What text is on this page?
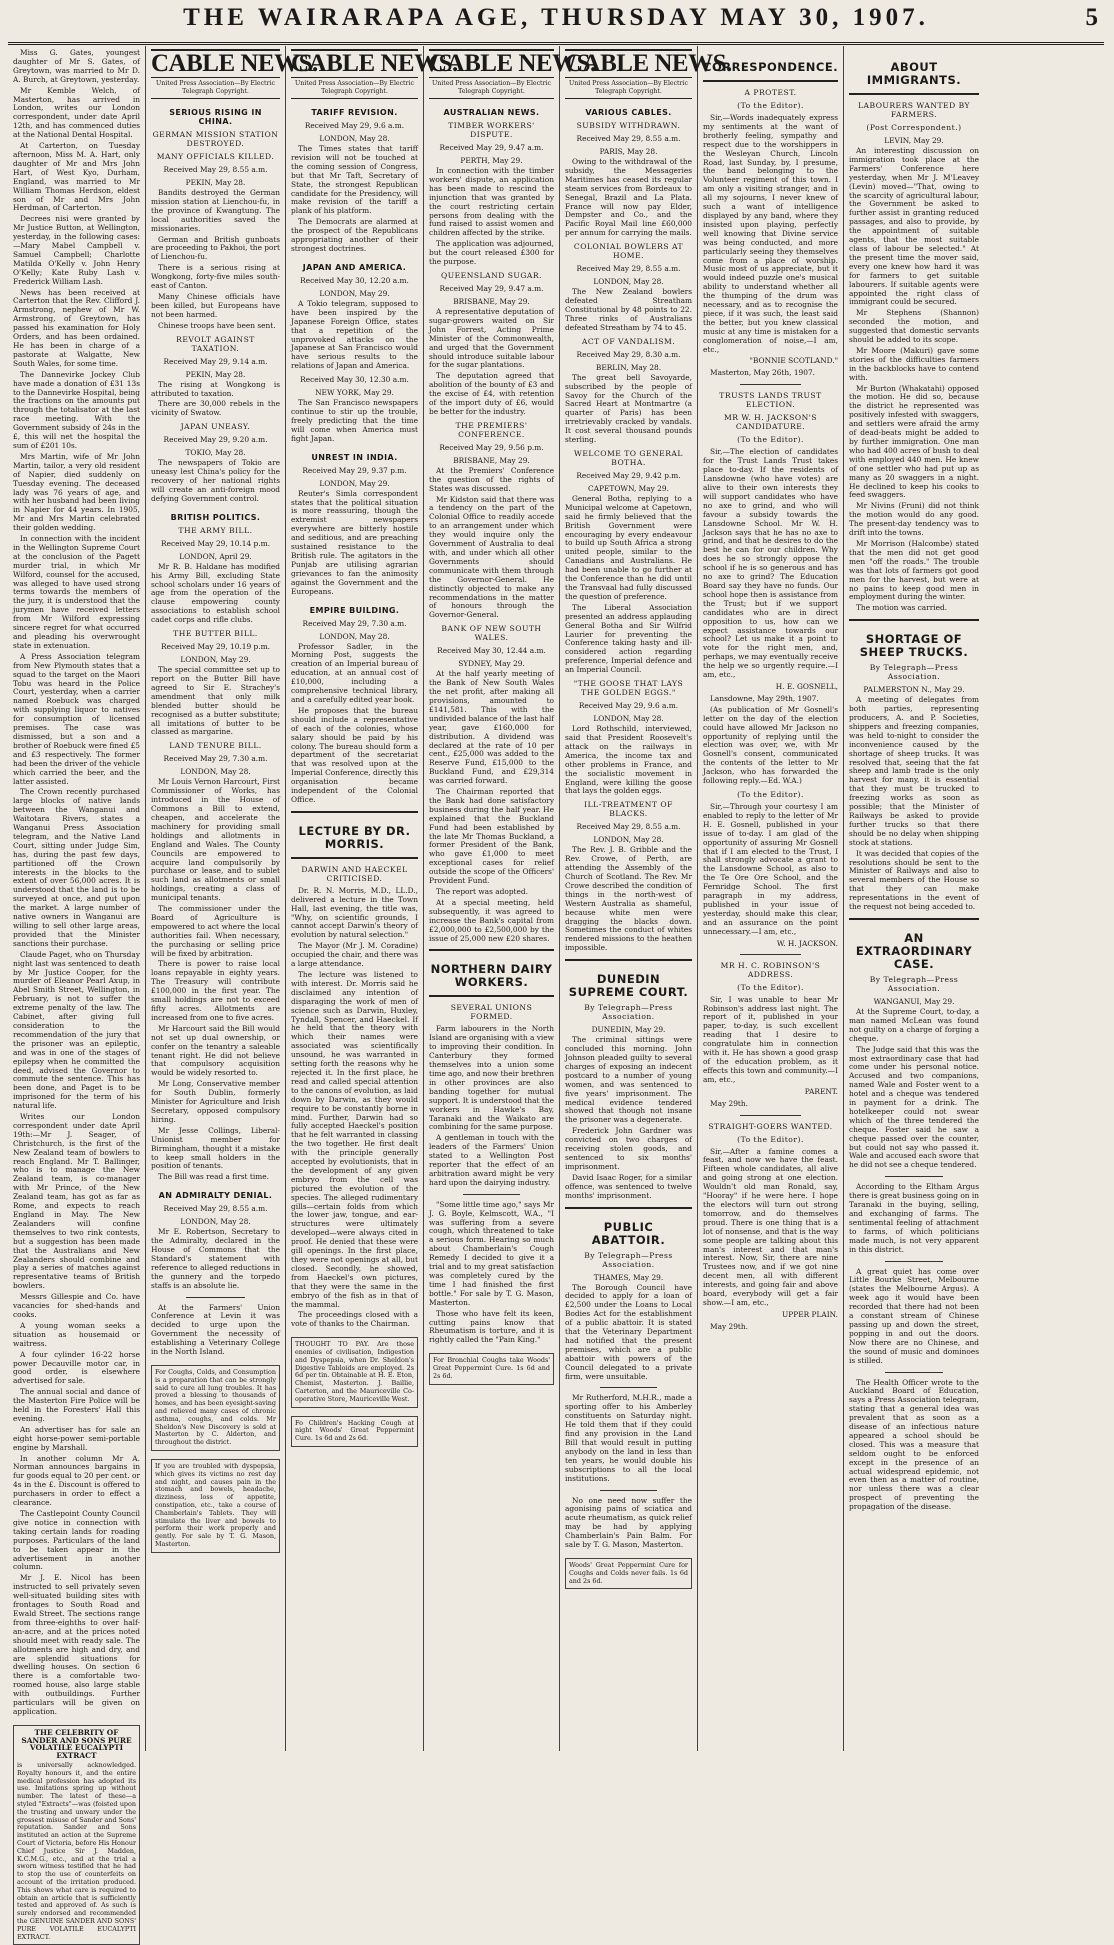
THE WAIRARAPA AGE, THURSDAY MAY 30, 1907.	5

Miss G. Gates, youngest daughter of Mr S. Gates, of Greytown, was married to Mr D. A. Burch, at Greytown, yesterday.

Mr Kemble Welch, of Masterton, has arrived in London, writes our London correspondent, under date April 12th, and has commenced duties at the National Dental Hospital.

At Carterton, on Tuesday afternoon, Miss M. A. Hart, only daughter of Mr and Mrs John Hart, of West Kyo, Durham, England, was married to Mr William Thomas Herdson, eldest son of Mr and Mrs John Herdman, of Carterton.

Decrees nisi were granted by Mr Justice Button, at Wellington, yesterday, in the following cases:—Mary Mabel Campbell v. Samuel Campbell; Charlotte Matilda O'Kelly v. John Henry O'Kelly; Kate Ruby Lash v. Frederick William Lash.

News has been received at Carterton that the Rev. Clifford J. Armstrong, nephew of Mr W. Armstrong, of Greytown, has passed his examination for Holy Orders, and has been ordained. He has been in charge of a pastorate at Walgatte, New South Wales, for some time.

The Dannevirke Jockey Club have made a donation of £31 13s to the Dannevirke Hospital, being the fractions on the amounts put through the totalisator at the last race meeting. With the Government subsidy of 24s in the £, this will net the hospital the sum of £201 10s.

Mrs Martin, wife of Mr John Martin, tailor, a very old resident of Napier, died suddenly on Tuesday evening. The deceased lady was 76 years of age, and with her husband had been living in Napier for 44 years. In 1905, Mr and Mrs Martin celebrated their golden wedding.

In connection with the incident in the Wellington Supreme Court at the conclusion of the Pagett murder trial, in which Mr Wilford, counsel for the accused, was alleged to have used strong terms towards the members of the jury, it is understood that the jurymen have received letters from Mr Wilford expressing sincere regret for what occurred and pleading his overwrought state in extenuation.

A Press Association telegram from New Plymouth states that a squad to the target on the Maori Tobu was heard in the Police Court, yesterday, when a carrier named Roebuck was charged with supplying liquor to natives for consumption of licensed premises. The case was dismissed, but a son and a brother of Roebuck were fined £5 and £3 respectively. The former had been the driver of the vehicle which carried the beer, and the latter assisted.

The Crown recently purchased large blocks of native lands between the Wanganui and Waitotara Rivers, states a Wanganui Press Association telegram, and the Native Land Court, sitting under Judge Sim, has, during the past few days, partitioned off the Crown interests in the blocks to the extent of over 56,000 acres. It is understood that the land is to be surveyed at once, and put upon the market. A large number of native owners in Wanganui are willing to sell other large areas, provided that the Minister sanctions their purchase.

Claude Paget, who on Thursday night last was sentenced to death by Mr Justice Cooper, for the murder of Eleanor Pearl Axup, in Abel Smith Street, Wellington, in February, is not to suffer the extreme penalty of the law. The Cabinet, after giving full consideration to the recommendation of the jury that the prisoner was an epileptic, and was in one of the stages of epilepsy when he committed the deed, advised the Governor to commute the sentence. This has been done, and Paget is to be imprisoned for the term of his natural life.

Writes our London correspondent under date April 19th:—Mr J. Seager, of Christchurch, is the first of the New Zealand team of bowlers to reach England. Mr T. Ballinger, who is to manage the New Zealand team, is co-manager with Mr Prince, of the New Zealand team, has got as far as Rome, and expects to reach England in May. The New Zealanders will confine themselves to two rink contests, but a suggestion has been made that the Australians and New Zealanders should combine and play a series of matches against representative teams of British bowlers.

Messrs Gillespie and Co. have vacancies for shed-hands and cooks.

A young woman seeks a situation as housemaid or waitress.

A four cylinder 16-22 horse power Decauville motor car, in good order, is elsewhere advertised for sale.

The annual social and dance of the Masterton Fire Police will be held in the Foresters' Hall this evening.

An advertiser has for sale an eight horse-power semi-portable engine by Marshall.

In another column Mr A. Norman announces bargains in fur goods equal to 20 per cent. or 4s in the £. Discount is offered to purchasers in order to effect a clearance.

The Castlepoint County Council give notice in connection with taking certain lands for roading purposes. Particulars of the land to be taken appear in the advertisement in another column.

Mr J. E. Nicol has been instructed to sell privately seven well-situated building sites with frontages to South Road and Ewald Street. The sections range from three-eighths to over half-an-acre, and at the prices noted should meet with ready sale. The allotments are high and dry, and are splendid situations for dwelling houses. On section 6 there is a comfortable two-roomed house, also large stable with outbuildings. Further particulars will be given on application.

THE CELEBRITY OF SANDER AND SONS PURE VOLATILE EUCALYPTI EXTRACT
is universally acknowledged. Royalty honours it, and the entire medical profession has adopted its use. Imitations spring up without number. The latest of these—a styled "Extracts"—was (foisted upon the trusting and unwary under the grossest misuse of Sander and Sons' reputation. Sander and Sons instituted an action at the Supreme Court of Victoria, before His Honour Chief Justice Sir J. Madden, K.C.M.G., etc., and at the trial a sworn witness testified that he had to stop the use of counterfeits on account of the irritation produced. This shows what care is required to obtain an article that is sufficiently tested and approved of. As such is surely endorsed and recommended the GENUINE SANDER AND SONS' PURE VOLATILE EUCALYPTI EXTRACT.
CABLE NEWS.
United Press Association—By Electric Telegraph Copyright.
SERIOUS RISING IN CHINA.
GERMAN MISSION STATION DESTROYED.
MANY OFFICIALS KILLED.
Received May 29, 8.55 a.m.
PEKIN, May 28.

Bandits destroyed the German mission station at Lienchou-fu, in the province of Kwangtung. The local authorities saved the missionaries.

German and British gunboats are proceeding to Pakhoi, the port of Lienchou-fu.

There is a serious rising at Wongkong, forty-five miles south-east of Canton.

Many Chinese officials have been killed, but Europeans have not been harmed.

Chinese troops have been sent.

REVOLT AGAINST TAXATION.
Received May 29, 9.14 a.m.
PEKIN, May 28.

The rising at Wongkong is attributed to taxation.

There are 30,000 rebels in the vicinity of Swatow.

JAPAN UNEASY.
Received May 29, 9.20 a.m.
TOKIO, May 28.

The newspapers of Tokio are uneasy lest China's policy for the recovery of her national rights will create an anti-foreign mood defying Government control.

BRITISH POLITICS.
THE ARMY BILL.
Received May 29, 10.14 p.m.
LONDON, April 29.

Mr R. B. Haldane has modified his Army Bill, excluding State school scholars under 16 years of age from the operation of the clause empowering county associations to establish school cadet corps and rifle clubs.

THE BUTTER BILL.
Received May 29, 10.19 p.m.
LONDON, May 29.

The special committee set up to report on the Butter Bill have agreed to Sir E. Strachey's amendment that only milk blended butter should be recognised as a butter substitute; all imitations of butter to be classed as margarine.

LAND TENURE BILL.
Received May 29, 7.30 a.m.
LONDON, May 28.

Mr Louis Vernon Harcourt, First Commissioner of Works, has introduced in the House of Commons a Bill to extend, cheapen, and accelerate the machinery for providing small holdings and allotments in England and Wales. The County Councils are empowered to acquire land compulsorily by purchase or lease, and to sublet such land as allotments or small holdings, creating a class of municipal tenants.

The commissioner under the Board of Agriculture is empowered to act where the local authorities fail. When necessary, the purchasing or selling price will be fixed by arbitration.

There is power to raise local loans repayable in eighty years. The Treasury will contribute £100,000 in the first year. The small holdings are not to exceed fifty acres. Allotments are increased from one to five acres.

Mr Harcourt said the Bill would not set up dual ownership, or confer on the tenantry a saleable tenant right. He did not believe that compulsory acquisition would be widely resorted to.

Mr Long, Conservative member for South Dublin, formerly Minister for Agriculture and Irish Secretary, opposed compulsory hiring.

Mr Jesse Collings, Liberal-Unionist member for Birmingham, thought it a mistake to keep small holders in the position of tenants.

The Bill was read a first time.

AN ADMIRALTY DENIAL.
Received May 29, 8.55 a.m.
LONDON, May 28.

Mr E. Robertson, Secretary to the Admiralty, declared in the House of Commons that the Standard's statement with reference to alleged reductions in the gunnery and the torpedo staffs is an absolute lie.

At the Farmers' Union Conference at Levin it was decided to urge upon the Government the necessity of establishing a Veterinary College in the North Island.

For Coughs, Colds, and Consumption is a preparation that can be strongly said to cure all lung troubles. It has proved a blessing to thousands of homes, and has been eyesight-saving and relieved many cases of chronic asthma, coughs, and colds. Mr Sheldon's New Discovery is sold at Masterton by C. Alderton, and throughout the district.
If you are troubled with dyspepsia, which gives its victims no rest day and night, and causes pain in the stomach and bowels, headache, dizziness, loss of appetite, constipation, etc., take a course of Chamberlain's Tablets. They will stimulate the liver and bowels to perform their work properly and gently. For sale by T. G. Mason, Masterton.
CABLE NEWS.
United Press Association—By Electric Telegraph Copyright.
TARIFF REVISION.
Received May 29, 9.6 a.m.
LONDON, May 28.

The Times states that tariff revision will not be touched at the coming session of Congress, but that Mr Taft, Secretary of State, the strongest Republican candidate for the Presidency, will make revision of the tariff a plank of his platform.

The Democrats are alarmed at the prospect of the Republicans appropriating another of their strongest doctrines.

JAPAN AND AMERICA.
Received May 30, 12.20 a.m.
LONDON, May 29.

A Tokio telegram, supposed to have been inspired by the Japanese Foreign Office, states that a repetition of the unprovoked attacks on the Japanese at San Francisco would have serious results to the relations of Japan and America.

Received May 30, 12.30 a.m.
NEW YORK, May 29.

The San Francisco newspapers continue to stir up the trouble, freely predicting that the time will come when America must fight Japan.

UNREST IN INDIA.
Received May 29, 9.37 p.m.
LONDON, May 29.

Reuter's Simla correspondent states that the political situation is more reassuring, though the extremist newspapers everywhere are bitterly hostile and seditious, and are preaching sustained resistance to the British rule. The agitators in the Punjab are utilising agrarian grievances to fan the animosity against the Government and the Europeans.

EMPIRE BUILDING.
Received May 29, 7.30 a.m.
LONDON, May 28.

Professor Sadler, in the Morning Post, suggests the creation of an Imperial bureau of education, at an annual cost of £10,000, including a comprehensive technical library, and a carefully edited year book.

He proposes that the bureau should include a representative of each of the colonies, whose salary should be paid by his colony. The bureau should form a department of the secretariat that was resolved upon at the Imperial Conference, directly this organisation became independent of the Colonial Office.

LECTURE BY DR. MORRIS.
DARWIN AND HAECKEL CRITICISED.

Dr. R. N. Morris, M.D., LL.D., delivered a lecture in the Town Hall, last evening, the title was, "Why, on scientific grounds, I cannot accept Darwin's theory of evolution by natural selection."

The Mayor (Mr J. M. Coradine) occupied the chair, and there was a large attendance.

The lecture was listened to with interest. Dr. Morris said he disclaimed any intention of disparaging the work of men of science such as Darwin, Huxley, Tyndall, Spencer, and Haeckel. If he held that the theory with which their names were associated was scientifically unsound, he was warranted in setting forth the reasons why he rejected it. In the first place, he read and called special attention to the canons of evolution, as laid down by Darwin, as they would require to be constantly borne in mind. Further, Darwin had so fully accepted Haeckel's position that he felt warranted in classing the two together. He first dealt with the principle generally accepted by evolutionists, that in the development of any given embryo from the cell was pictured the evolution of the species. The alleged rudimentary gills—certain folds from which the lower jaw, tongue, and ear-structures were ultimately developed—were always cited in proof. He denied that these were gill openings. In the first place, they were not openings at all, but closed. Secondly, he showed, from Haeckel's own pictures, that they were the same in the embryo of the fish as in that of the mammal.

The proceedings closed with a vote of thanks to the Chairman.

THOUGHT TO PAY. Are those enemies of civilisation, Indigestion and Dyspepsia, when Dr. Sheldon's Digestive Tabloids are employed. 2s 6d per tin. Obtainable at H. E. Eton, Chemist, Masterton. J. Baillie, Carterton, and the Mauriceville Co-operative Store, Mauriceville West.
Fo Children's Hacking Cough at night Woods' Great Peppermint Cure. 1s 6d and 2s 6d.
CABLE NEWS.
United Press Association—By Electric Telegraph Copyright.
AUSTRALIAN NEWS.
TIMBER WORKERS' DISPUTE.
Received May 29, 9.47 a.m.
PERTH, May 29.

In connection with the timber workers' dispute, an application has been made to rescind the injunction that was granted by the court restricting certain persons from dealing with the fund raised to assist women and children affected by the strike.

The application was adjourned, but the court released £300 for the purpose.

QUEENSLAND SUGAR.
Received May 29, 9.47 a.m.
BRISBANE, May 29.

A representative deputation of sugar-growers waited on Sir John Forrest, Acting Prime Minister of the Commonwealth, and urged that the Government should introduce suitable labour for the sugar plantations.

The deputation agreed that abolition of the bounty of £3 and the excise of £4, with retention of the import duty of £6, would be better for the industry.

THE PREMIERS' CONFERENCE.
Received May 29, 9.56 p.m.
BRISBANE, May 29.

At the Premiers' Conference the question of the rights of States was discussed.

Mr Kidston said that there was a tendency on the part of the Colonial Office to readily accede to an arrangement under which they would inquire only the Government of Australia to deal with, and under which all other Governments should communicate with them through the Governor-General. He distinctly objected to make any recommendations in the matter of honours through the Governor-General.

BANK OF NEW SOUTH WALES.
Received May 30, 12.44 a.m.
SYDNEY, May 29.

At the half yearly meeting of the Bank of New South Wales the net profit, after making all provisions, amounted to £141,581. This with the undivided balance of the last half year, gave £160,000 for distribution. A dividend was declared at the rate of 10 per cent., £25,000 was added to the Reserve Fund, £15,000 to the Buckland Fund, and £29,314 was carried forward.

The Chairman reported that the Bank had done satisfactory business during the half year. He explained that the Buckland Fund had been established by the late Mr Thomas Buckland, a former President of the Bank, who gave £1,000 to meet exceptional cases for relief outside the scope of the Officers' Provident Fund.

The report was adopted.

At a special meeting, held subsequently, it was agreed to increase the Bank's capital from £2,000,000 to £2,500,000 by the issue of 25,000 new £20 shares.

NORTHERN DAIRY WORKERS.
SEVERAL UNIONS FORMED.

Farm labourers in the North Island are organising with a view to improving their condition. In Canterbury they formed themselves into a union some time ago, and now their brethren in other provinces are also banding together for mutual support. It is understood that the workers in Hawke's Bay, Taranaki and the Waikato are combining for the same purpose.

A gentleman in touch with the leaders of the Farmers' Union stated to a Wellington Post reporter that the effect of an arbitration award might be very hard upon the dairying industry.

"Some little time ago," says Mr J. G. Boyle, Kelmscott, W.A., "I was suffering from a severe cough, which threatened to take a serious form. Hearing so much about Chamberlain's Cough Remedy I decided to give it a trial and to my great satisfaction was completely cured by the time I had finished the first bottle." For sale by T. G. Mason, Masterton.

Those who have felt its keen, cutting pains know that Rheumatism is torture, and it is rightly called the "Pain King."

For Bronchial Coughs take Woods' Great Peppermint Cure. 1s 6d and 2s 6d.
CABLE NEWS.
United Press Association—By Electric Telegraph Copyright.
VARIOUS CABLES.
SUBSIDY WITHDRAWN.
Received May 29, 8.55 a.m.
PARIS, May 28.

Owing to the withdrawal of the subsidy, the Messageries Maritimes has ceased its regular steam services from Bordeaux to Senegal, Brazil and La Plata. France will now pay Elder, Dempster and Co., and the Pacific Royal Mail line £60,000 per annum for carrying the mails.

COLONIAL BOWLERS AT HOME.
Received May 29, 8.55 a.m.
LONDON, May 28.

The New Zealand bowlers defeated Streatham Constitutional by 48 points to 22. Three rinks of Australians defeated Streatham by 74 to 45.

ACT OF VANDALISM.
Received May 29, 8.30 a.m.
BERLIN, May 28.

The great bell Savoyarde, subscribed by the people of Savoy for the Church of the Sacred Heart at Montmartre (a quarter of Paris) has been irretrievably cracked by vandals. It cost several thousand pounds sterling.

WELCOME TO GENERAL BOTHA.
Received May 29, 9.42 p.m.
CAPETOWN, May 29.

General Botha, replying to a Municipal welcome at Capetown, said he firmly believed that the British Government were encouraging by every endeavour to build up South Africa a strong united people, similar to the Canadians and Australians. He had been unable to go further at the Conference than he did until the Transvaal had fully discussed the question of preference.

The Liberal Association presented an address applauding General Botha and Sir Wilfrid Laurier for preventing the Conference taking hasty and ill-considered action regarding preference, Imperial defence and an Imperial Council.

"THE GOOSE THAT LAYS THE GOLDEN EGGS."
Received May 29, 9.6 a.m.
LONDON, May 28.

Lord Rothschild, interviewed, said that President Roosevelt's attack on the railways in America, the income tax and other problems in France, and the socialistic movement in England, were killing the goose that lays the golden eggs.

ILL-TREATMENT OF BLACKS.
Received May 29, 8.55 a.m.
LONDON, May 28.

The Rev. J. B. Gribble and the Rev. Crowe, of Perth, are attending the Assembly of the Church of Scotland. The Rev. Mr Crowe described the condition of things in the north-west of Western Australia as shameful, because white men were dragging the blacks down. Sometimes the conduct of whites rendered missions to the heathen impossible.

DUNEDIN SUPREME COURT.
By Telegraph—Press Association.
DUNEDIN, May 29.

The criminal sittings were concluded this morning. John Johnson pleaded guilty to several charges of exposing an indecent postcard to a number of young women, and was sentenced to five years' imprisonment. The medical evidence tendered showed that though not insane the prisoner was a degenerate.

Frederick John Gardner was convicted on two charges of receiving stolen goods, and sentenced to six months' imprisonment.

David Isaac Roger, for a similar offence, was sentenced to twelve months' imprisonment.

PUBLIC ABATTOIR.
By Telegraph—Press Association.
THAMES, May 29.

The Borough Council have decided to apply for a loan of £2,500 under the Loans to Local Bodies Act for the establishment of a public abattoir. It is stated that the Veterinary Department had notified that the present premises, which are a public abattoir with powers of the Council delegated to a private firm, were unsuitable.

Mr Rutherford, M.H.R., made a sporting offer to his Amberley constituents on Saturday night. He told them that if they could find any provision in the Land Bill that would result in putting anybody on the land in less than ten years, he would double his subscriptions to all the local institutions.

No one need now suffer the agonising pains of sciatica and acute rheumatism, as quick relief may be had by applying Chamberlain's Pain Balm. For sale by T. G. Mason, Masterton.

Woods' Great Peppermint Cure for Coughs and Colds never fails. 1s 6d and 2s 6d.
CORRESPONDENCE.
A PROTEST.
(To the Editor).

Sir,—Words inadequately express my sentiments at the want of brotherly feeling, sympathy and respect due to the worshippers in the Wesleyan Church, Lincoln Road, last Sunday, by, I presume, the band belonging to the Volunteer regiment of this town. I am only a visiting stranger, and in all my sojourns, I never knew of such a want of intelligence displayed by any band, where they insisted upon playing, perfectly well knowing that Divine service was being conducted, and more particularly seeing they themselves come from a place of worship. Music most of us appreciate, but it would indeed puzzle one's musical ability to understand whether all the thumping of the drum was necessary, and as to recognise the piece, if it was such, the least said the better, but you knew classical music at any time is mistaken for a conglomeration of noise,—I am, etc.,

"BONNIE SCOTLAND."

Masterton, May 26th, 1907.

TRUSTS LANDS TRUST ELECTION.
MR W. H. JACKSON'S CANDIDATURE.
(To the Editor).

Sir,—The election of candidates for the Trust Lands Trust takes place to-day. If the residents of Lansdowne (who have votes) are alive to their own interests they will support candidates who have no axe to grind, and who will favour a subsidy towards the Lansdowne School. Mr W. H. Jackson says that he has no axe to grind, and that he desires to do the best he can for our children. Why does he so strongly oppose the school if he is so generous and has no axe to grind? The Education Board say they have no funds. Our school hope then is assistance from the Trust; but if we support candidates who are in direct opposition to us, how can we expect assistance towards our school? Let us make it a point to vote for the right men, and, perhaps, we may eventually receive the help we so urgently require.—I am, etc.,

H. E. GOSNELL,

Lansdowne, May 29th, 1907.

(As publication of Mr Gosnell's letter on the day of the election could have allowed Mr Jackson no opportunity of replying until the election was over, we, with Mr Gosnell's consent, communicated the contents of the letter to Mr Jackson, who has forwarded the following reply.—Ed. W.A.)

(To the Editor).

Sir,—Through your courtesy I am enabled to reply to the letter of Mr H. E. Gosnell, published in your issue of to-day. I am glad of the opportunity of assuring Mr Gosnell that if I am elected to the Trust, I shall strongly advocate a grant to the Lansdowne School, as also to the Te Ore Ore School, and the Fernridge School. The first paragraph in my address, published in your issue of yesterday, should make this clear, and an assurance on the point unnecessary.—I am, etc.,

W. H. JACKSON.
MR H. C. ROBINSON'S ADDRESS.
(To the Editor).

Sir, I was unable to hear Mr Robinson's address last night. The report of it, published in your paper, to-day, is such excellent reading that I desire to congratulate him in connection with it. He has shown a good grasp of the education problem, as it effects this town and community.—I am, etc.,

PARENT.

May 29th.

STRAIGHT-GOERS WANTED.
(To the Editor).

Sir,—After a famine comes a feast, and now we have the feast. Fifteen whole candidates, all alive and going strong at one election. Wouldn't old man Ronald, say, "Hooray" if he were here. I hope the electors will turn out strong tomorrow, and do themselves proud. There is one thing that is a lot of nonsense, and that is the way some people are talking about this man's interest and that man's interest. Now, Sir, there are nine Trustees now, and if we got nine decent men, all with different interests, and going fair and above board, everybody will get a fair show.—I am, etc.,

UPPER PLAIN.

May 29th.

ABOUT IMMIGRANTS.
LABOURERS WANTED BY FARMERS.
(Post Correspondent.)
LEVIN, May 29.

An interesting discussion on immigration took place at the Farmers' Conference here yesterday, when Mr J. M'Leavey (Levin) moved—"That, owing to the scarcity of agricultural labour, the Government be asked to further assist in granting reduced passages, and also to provide, by the appointment of suitable agents, that the most suitable class of labour be selected." At the present time the mover said, every one knew how hard it was for farmers to get suitable labourers. If suitable agents were appointed the right class of immigrant could be secured.

Mr Stephens (Shannon) seconded the motion, and suggested that domestic servants should be added to its scope.

Mr Moore (Makuri) gave some stories of the difficulties farmers in the backblocks have to contend with.

Mr Burton (Whakatahi) opposed the motion. He did so, because the district he represented was positively infested with swaggers, and settlers were afraid the army of dead-beats might be added to by further immigration. One man who had 400 acres of bush to deal with employed 440 men. He knew of one settler who had put up as many as 20 swaggers in a night. He declined to keep his cooks to feed swaggers.

Mr Nivins (Fruni) did not think the motion would do any good. The present-day tendency was to drift into the towns.

Mr Morrison (Halcombe) stated that the men did not get good men "off the roads." The trouble was that lots of farmers got good men for the harvest, but were at no pains to keep good men in employment during the winter.

The motion was carried.

SHORTAGE OF SHEEP TRUCKS.
By Telegraph—Press Association.
PALMERSTON N., May 29.

A meeting of delegates from both parties, representing producers, A. and P. Societies, shippers and freezing companies, was held to-night to consider the inconvenience caused by the shortage of sheep trucks. It was resolved that, seeing that the fat sheep and lamb trade is the only harvest for many, it is essential that they must be trucked to freezing works as soon as possible; that the Minister of Railways be asked to provide further trucks so that there should be no delay when shipping stock at stations.

It was decided that copies of the resolutions should be sent to the Minister of Railways and also to several members of the House so that they can make representations in the event of the request not being acceded to.

AN EXTRAORDINARY CASE.
By Telegraph—Press Association.
WANGANUI, May 29.

At the Supreme Court, to-day, a man named McLean was found not guilty on a charge of forging a cheque.

The Judge said that this was the most extraordinary case that had come under his personal notice. Accused and two companions, named Wale and Foster went to a hotel and a cheque was tendered in payment for a drink. The hotelkeeper could not swear which of the three tendered the cheque. Foster said he saw a cheque passed over the counter, but could not say who passed it. Wale and accused each swore that he did not see a cheque tendered.

According to the Eltham Argus there is great business going on in Taranaki in the buying, selling, and exchanging of farms. The sentimental feeling of attachment to farms, of which politicians made much, is not very apparent in this district.

A great quiet has come over Little Bourke Street, Melbourne (states the Melbourne Argus). A week ago it would have been recorded that there had not been a constant stream of Chinese passing up and down the street, popping in and out the doors. Now there are no Chinese, and the sound of music and dominoes is stilled.

The Health Officer wrote to the Auckland Board of Education, says a Press Association telegram, stating that a general idea was prevalent that as soon as a disease of an infectious nature appeared a school should be closed. This was a measure that seldom ought to be enforced except in the presence of an actual widespread epidemic, not even then as a matter of routine, nor unless there was a clear prospect of preventing the propagation of the disease.
